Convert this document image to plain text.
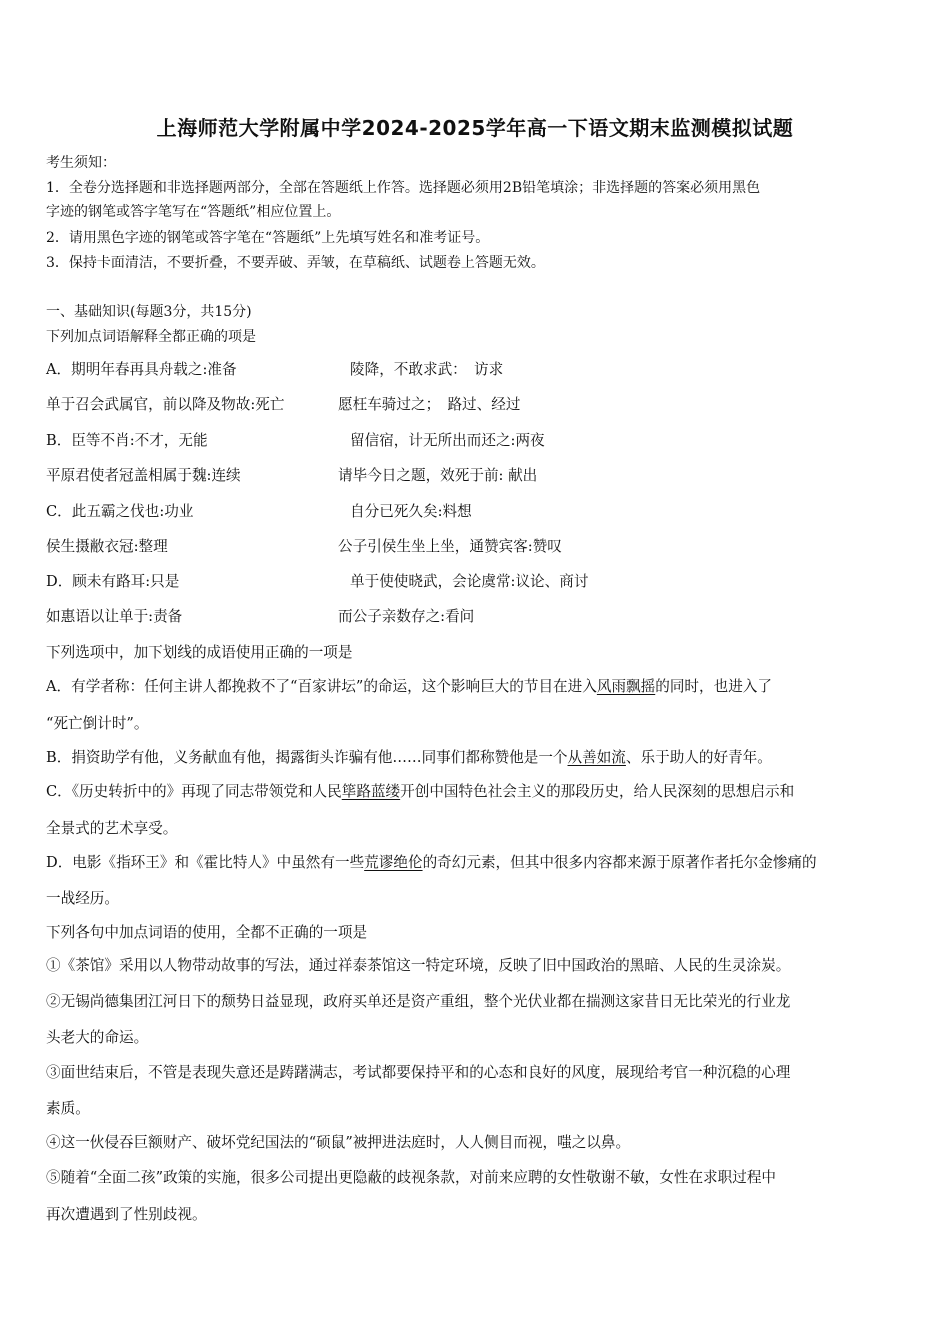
上海师范大学附属中学2024-2025学年高一下语文期末监测模拟试题
考生须知：
1．全卷分选择题和非选择题两部分，全部在答题纸上作答。选择题必须用2B铅笔填涂；非选择题的答案必须用黑色
字迹的钢笔或答字笔写在“答题纸”相应位置上。
2．请用黑色字迹的钢笔或答字笔在“答题纸”上先填写姓名和准考证号。
3．保持卡面清洁，不要折叠，不要弄破、弄皱，在草稿纸、试题卷上答题无效。
一、基础知识(每题3分，共15分)
下列加点词语解释全都正确的项是
A．期明年春再具舟载之:准备	陵降，不敢求武：　访求
单于召会武属官，前以降及物故:死亡	愿枉车骑过之；　路过、经过
B．臣等不肖:不才，无能	留信宿，计无所出而还之:两夜
平原君使者冠盖相属于魏:连续	请毕今日之题，效死于前: 献出
C．此五霸之伐也:功业	自分已死久矣:料想
侯生摄敝衣冠:整理	公子引侯生坐上坐，通赞宾客:赞叹
D．顾未有路耳:只是	单于使使晓武，会论虞常:议论、商讨
如惠语以让单于:责备	而公子亲数存之:看问
下列选项中，加下划线的成语使用正确的一项是
A．有学者称：任何主讲人都挽救不了“百家讲坛”的命运，这个影响巨大的节目在进入风雨飘摇的同时，也进入了
“死亡倒计时”。
B．捐资助学有他，义务献血有他，揭露街头诈骗有他……同事们都称赞他是一个从善如流、乐于助人的好青年。
C．《历史转折中的》再现了同志带领党和人民筚路蓝缕开创中国特色社会主义的那段历史，给人民深刻的思想启示和
全景式的艺术享受。
D．电影《指环王》和《霍比特人》中虽然有一些荒谬绝伦的奇幻元素，但其中很多内容都来源于原著作者托尔金惨痛的
一战经历。
下列各句中加点词语的使用，全都不正确的一项是
①《茶馆》采用以人物带动故事的写法，通过祥泰茶馆这一特定环境，反映了旧中国政治的黑暗、人民的生灵涂炭。
②无锡尚德集团江河日下的颓势日益显现，政府买单还是资产重组，整个光伏业都在揣测这家昔日无比荣光的行业龙
头老大的命运。
③面世结束后，不管是表现失意还是踌躇满志，考试都要保持平和的心态和良好的风度，展现给考官一种沉稳的心理
素质。
④这一伙侵吞巨额财产、破坏党纪国法的“硕鼠”被押进法庭时，人人侧目而视，嗤之以鼻。
⑤随着“全面二孩”政策的实施，很多公司提出更隐蔽的歧视条款，对前来应聘的女性敬谢不敏，女性在求职过程中
再次遭遇到了性别歧视。
